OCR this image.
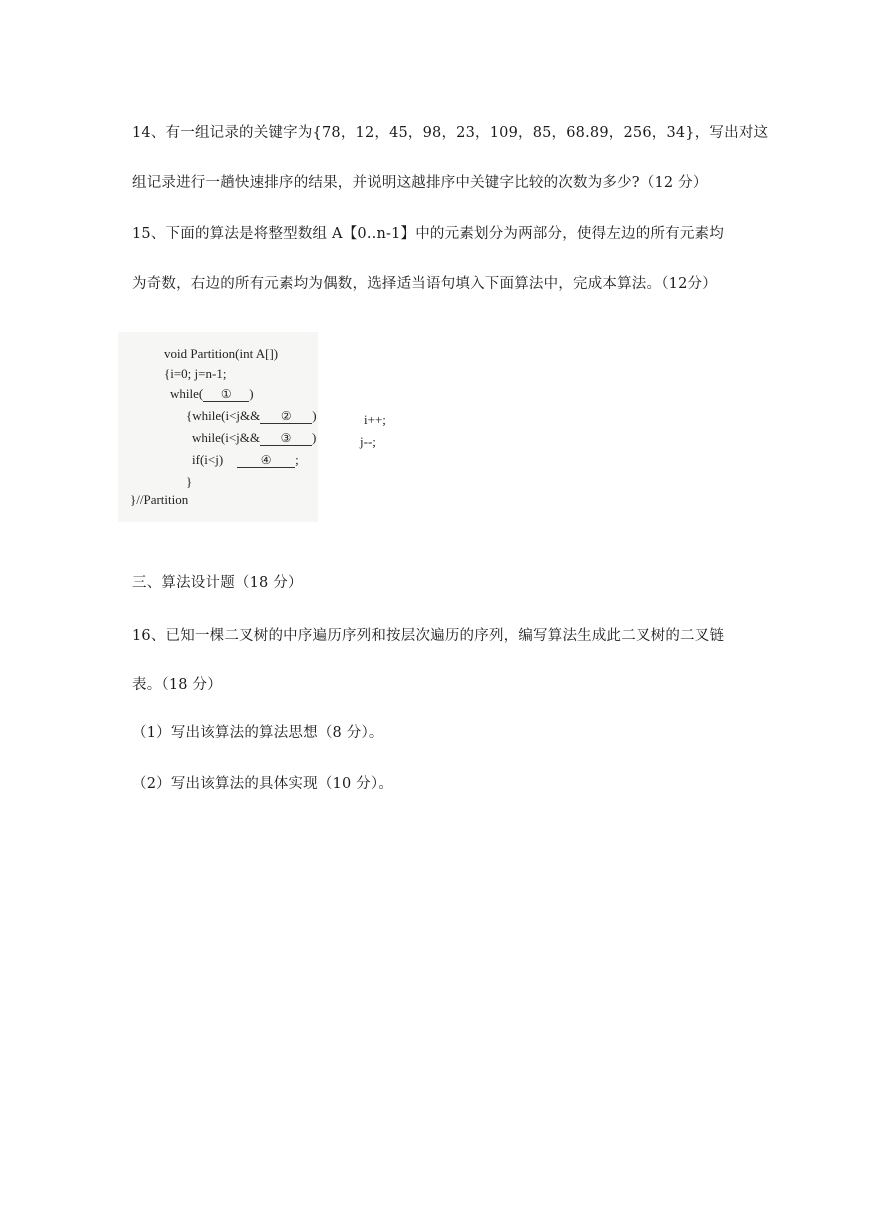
14、有一组记录的关键字为{78，12，45，98，23，109，85，68.89，256，34}，写出对这
组记录进行一趟快速排序的结果，并说明这越排序中关键字比较的次数为多少?（12 分）
15、下面的算法是将整型数组 A【0..n-1】中的元素划分为两部分，使得左边的所有元素均
为奇数，右边的所有元素均为偶数，选择适当语句填入下面算法中，完成本算法。（12分）
void Partition(int A[])
{i=0; j=n-1;
while( ① )
{while(i<j&& ② )	i++;
while(i<j&& ③ )	j--;
if(i<j)	④ ;
}
}//Partition
三、算法设计题（18 分）
16、已知一棵二叉树的中序遍历序列和按层次遍历的序列，编写算法生成此二叉树的二叉链
表。（18 分）
（1）写出该算法的算法思想（8 分）。
（2）写出该算法的具体实现（10 分）。
